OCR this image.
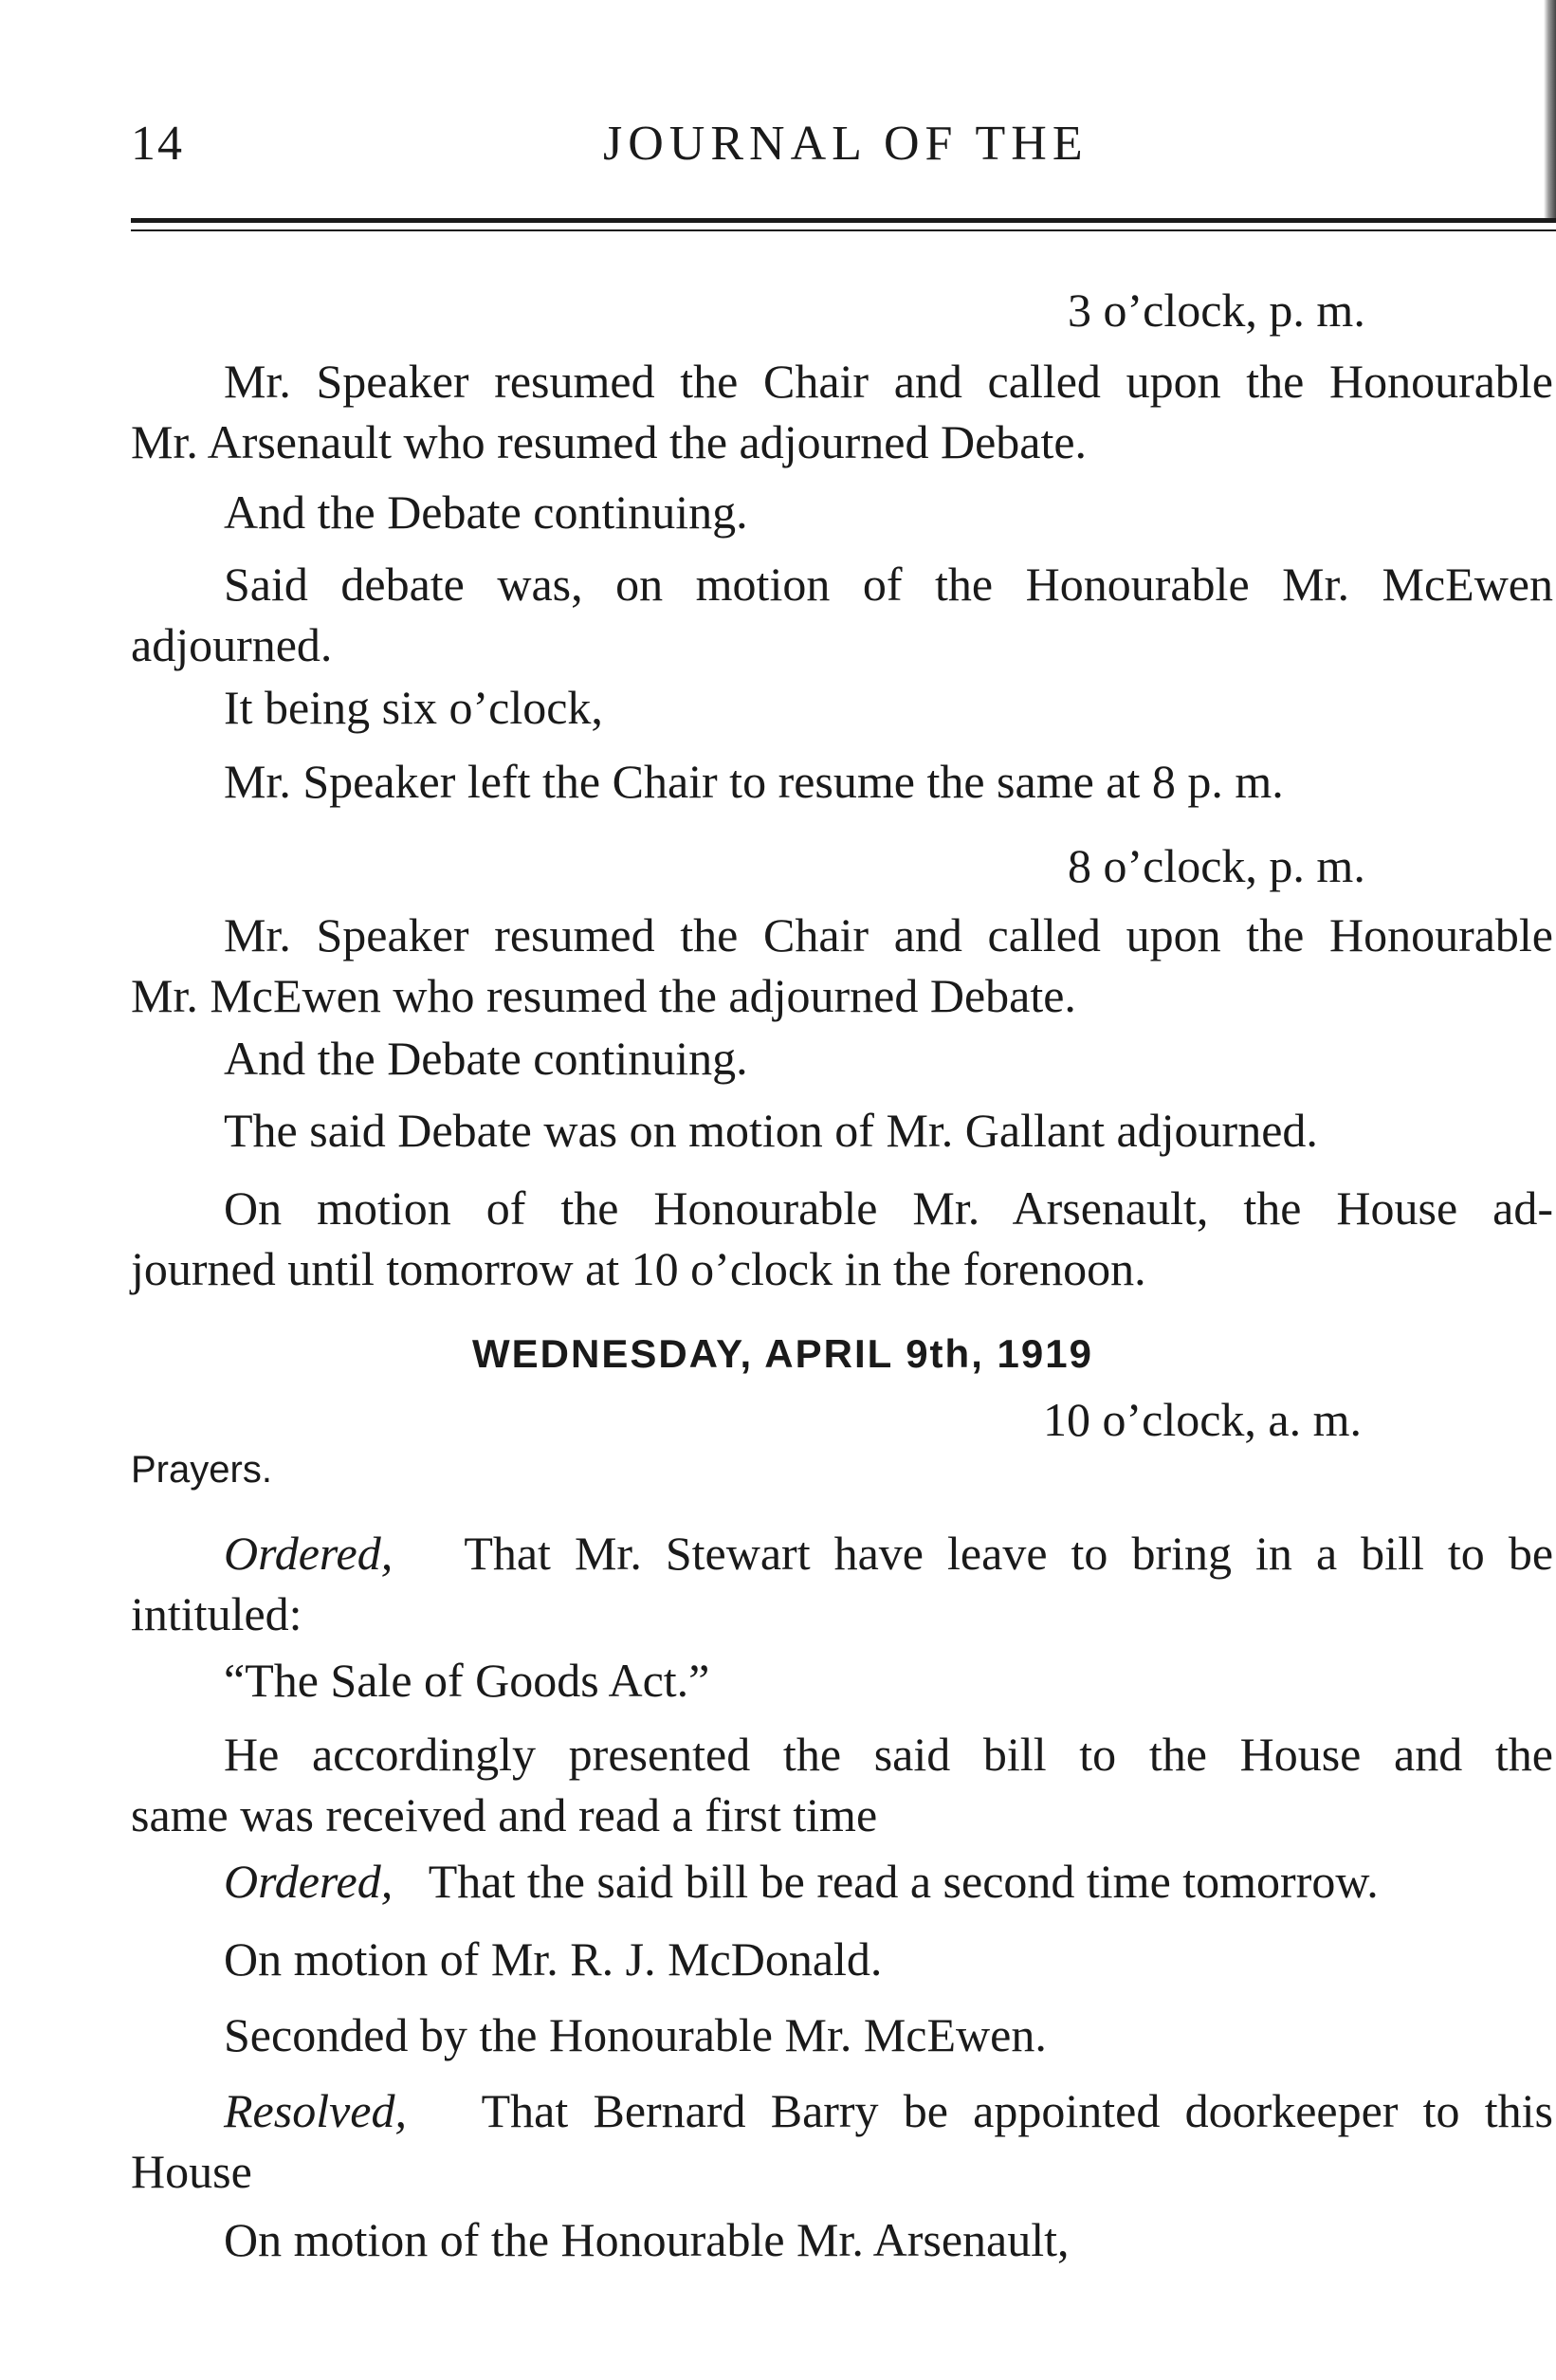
14	JOURNAL OF THE
3 o’clock, p. m.
Mr. Speaker resumed the Chair and called upon the Honourable
Mr. Arsenault who resumed the adjourned Debate.
And the Debate continuing.
Said debate was, on motion of the Honourable Mr. McEwen
adjourned.
It being six o’clock,
Mr. Speaker left the Chair to resume the same at 8 p. m.
8 o’clock, p. m.
Mr. Speaker resumed the Chair and called upon the Honourable
Mr. McEwen who resumed the adjourned Debate.
And the Debate continuing.
The said Debate was on motion of Mr. Gallant adjourned.
On motion of the Honourable Mr. Arsenault, the House ad-
journed until tomorrow at 10 o’clock in the forenoon.
WEDNESDAY, APRIL 9th, 1919
10 o’clock, a. m.
Prayers.
Ordered, That Mr. Stewart have leave to bring in a bill to be
intituled:
“The Sale of Goods Act.”
He accordingly presented the said bill to the House and the
same was received and read a first time
Ordered, That the said bill be read a second time tomorrow.
On motion of Mr. R. J. McDonald.
Seconded by the Honourable Mr. McEwen.
Resolved, That Bernard Barry be appointed doorkeeper to this
House
On motion of the Honourable Mr. Arsenault,
